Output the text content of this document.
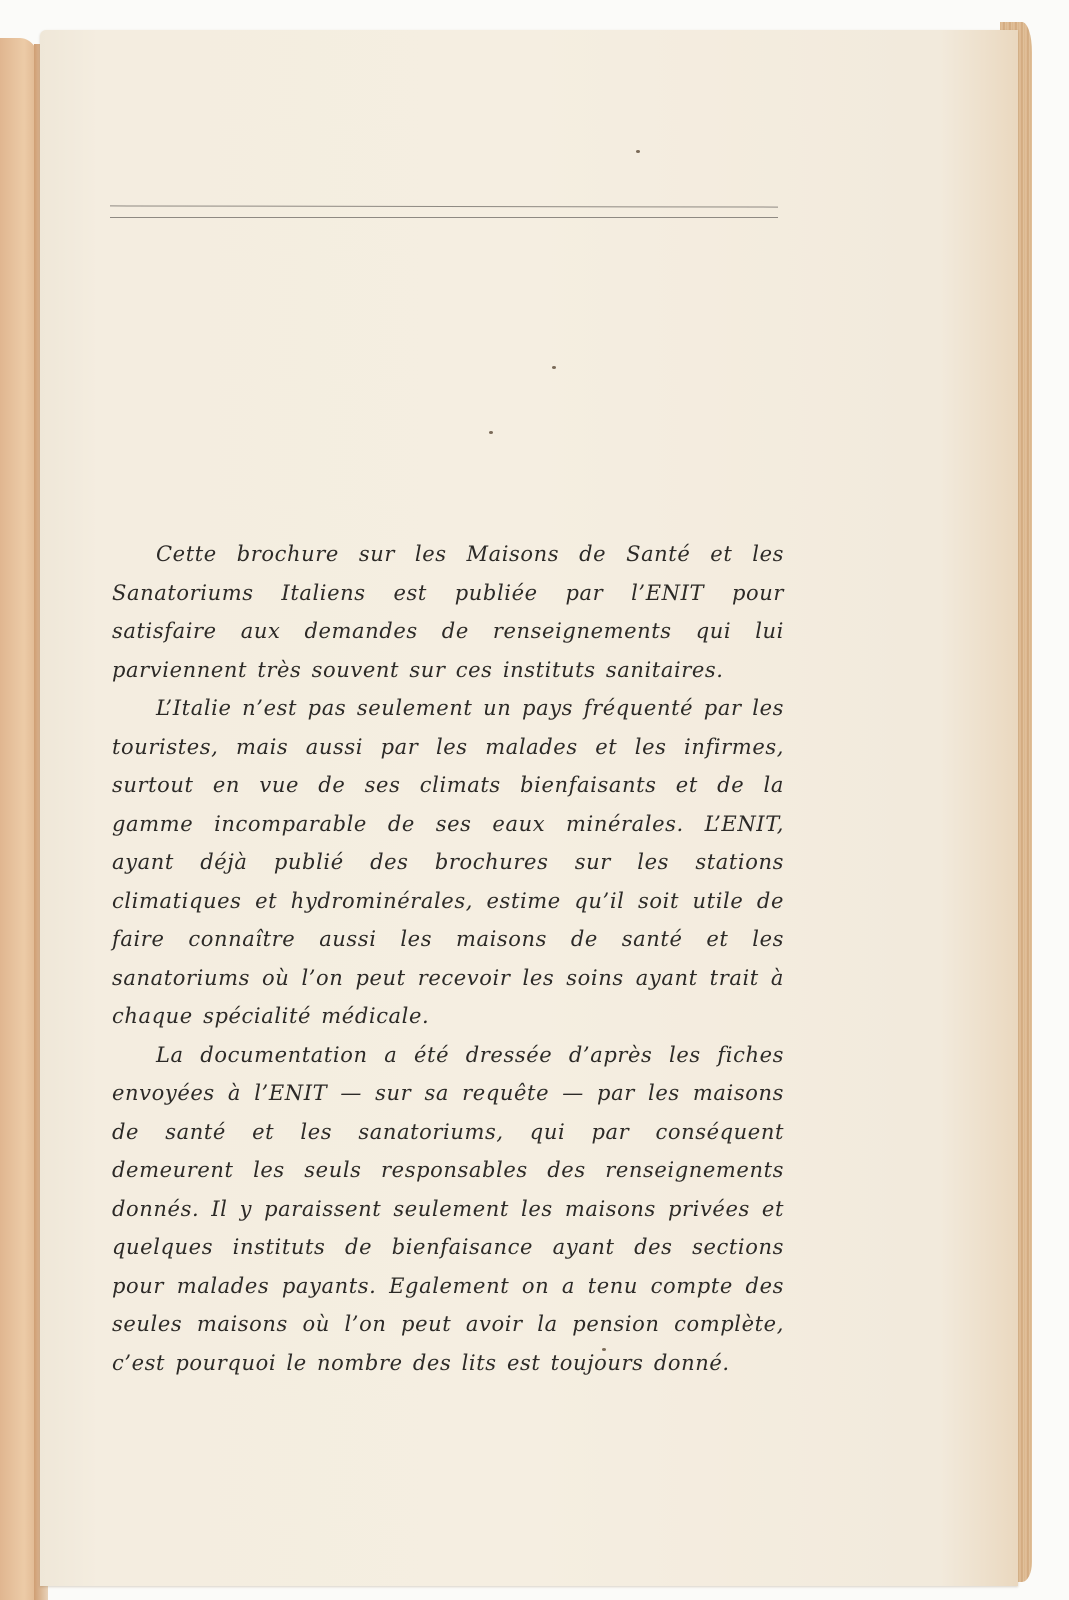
Cette brochure sur les Maisons de Santé et les Sanatoriums Italiens est publiée par l’ENIT pour satisfaire aux demandes de renseignements qui lui parviennent très souvent sur ces instituts sanitaires.

L’Italie n’est pas seulement un pays fréquenté par les touristes, mais aussi par les malades et les infirmes, surtout en vue de ses climats bienfaisants et de la gamme incomparable de ses eaux minérales. L’ENIT, ayant déjà publié des brochures sur les stations climatiques et hydrominérales, estime qu’il soit utile de faire connaître aussi les maisons de santé et les sanatoriums où l’on peut recevoir les soins ayant trait à chaque spécialité médicale.

La documentation a été dressée d’après les fiches envoyées à l’ENIT — sur sa requête — par les maisons de santé et les sanatoriums, qui par conséquent demeurent les seuls responsables des renseignements donnés. Il y paraissent seulement les maisons privées et quelques instituts de bienfaisance ayant des sections pour malades payants. Egalement on a tenu compte des seules maisons où l’on peut avoir la pension complète, c’est pourquoi le nombre des lits est toujours donné.
